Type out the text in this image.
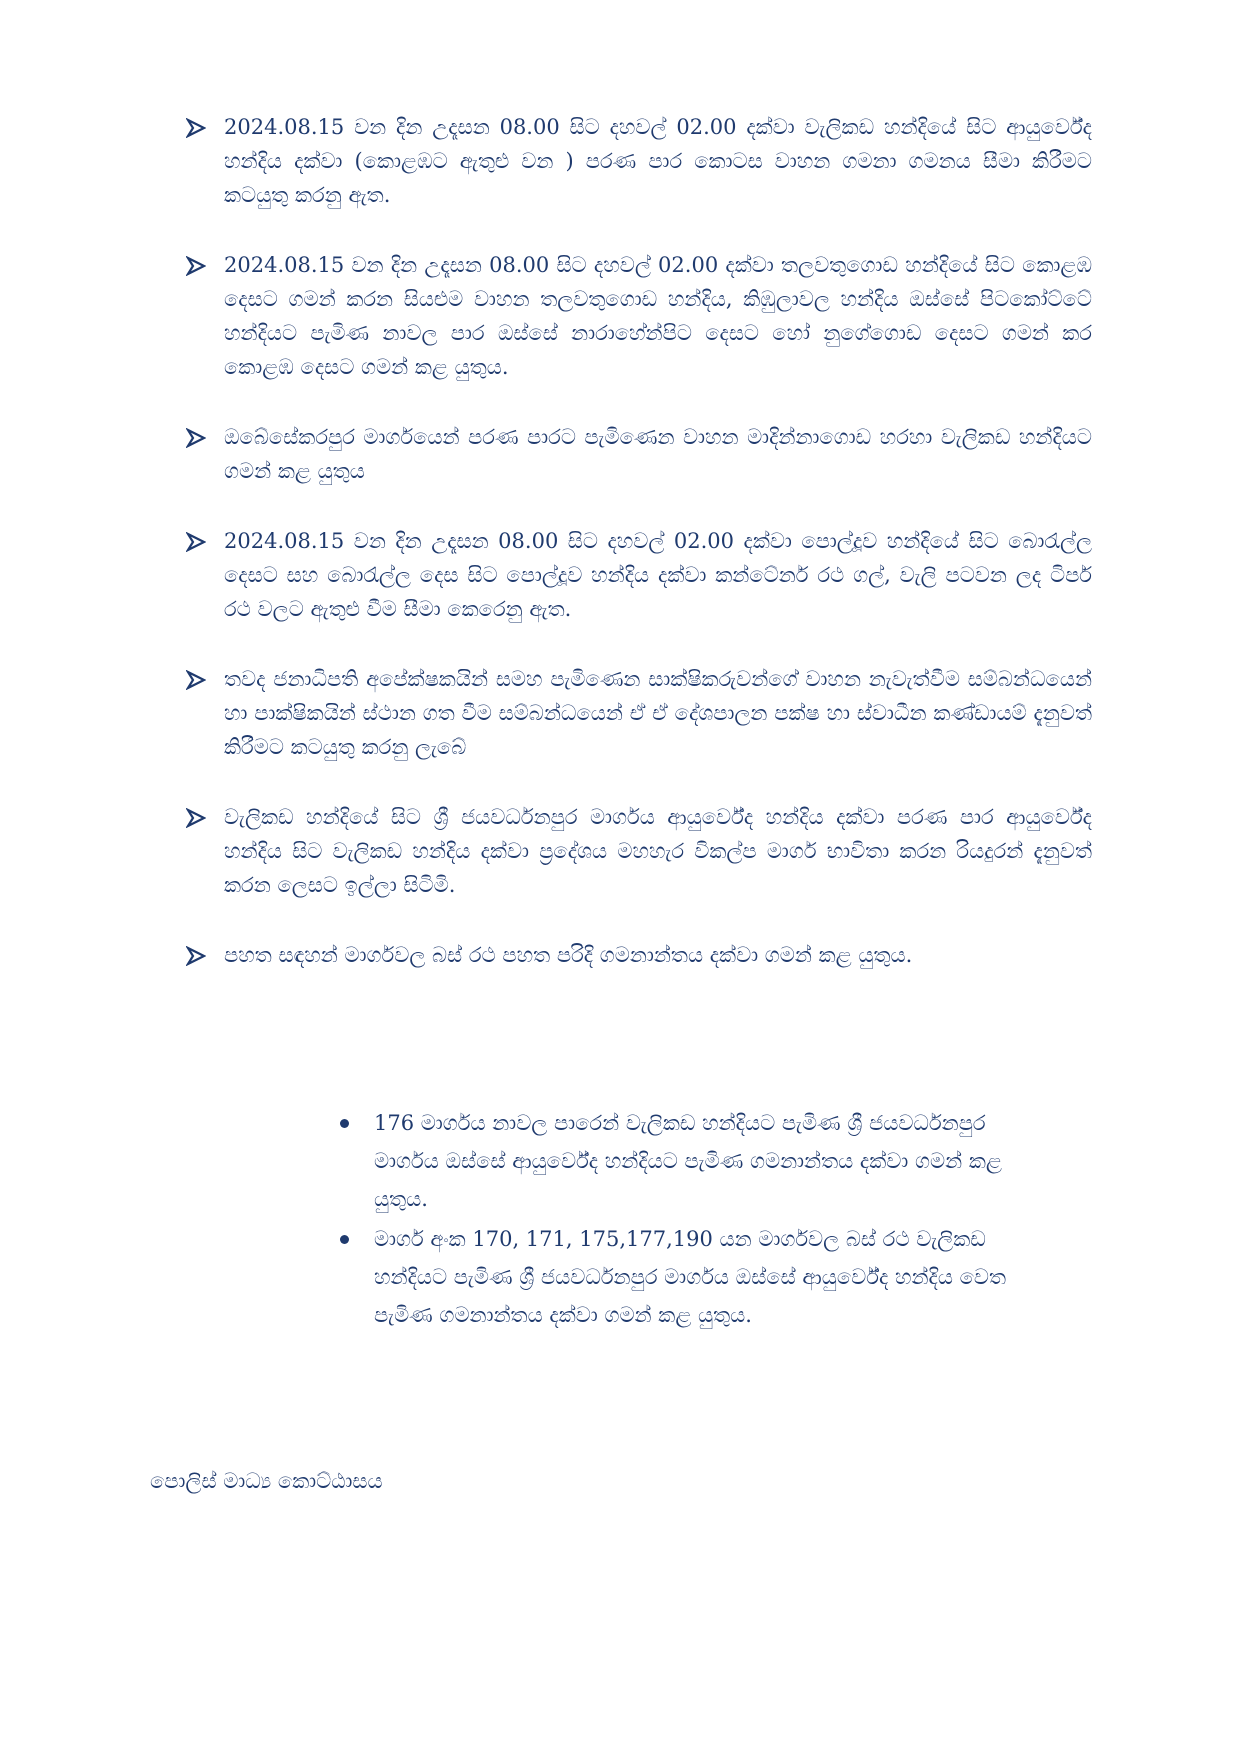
2024.08.15 වන දින උදෑසන 08.00 සිට දහවල් 02.00 දක්වා වැලිකඩ හන්දියේ සිට ආයුර්වේද හන්දිය දක්වා (කොළඹට ඇතුළු වන ) පරණ පාර කොටස වාහන ගමනා ගමනය සීමා කිරීමට කටයුතු කරනු ඇත.
2024.08.15 වන දින උදෑසන 08.00 සිට දහවල් 02.00 දක්වා තලවතුගොඩ හන්දියේ සිට කොළඹ දෙසට ගමන් කරන සියළුම වාහන තලවතුගොඩ හන්දිය, කිඹුලාවල හන්දිය ඔස්සේ පිටකෝට්ටේ හන්දියට පැමිණ නාවල පාර ඔස්සේ නාරාහේන්පිට දෙසට හෝ නුගේගොඩ දෙසට ගමන් කර කොළඹ දෙසට ගමන් කළ යුතුය.
ඔබේසේකරපුර මාර්ගයෙන් පරණ පාරට පැමිණෙන වාහන මාදින්නාගොඩ හරහා වැලිකඩ හන්දියට ගමන් කළ යුතුය
2024.08.15 වන දින උදෑසන 08.00 සිට දහවල් 02.00 දක්වා පොල්දූව හන්දියේ සිට බොරැල්ල දෙසට සහ බොරැල්ල දෙස සිට පොල්දූව හන්දිය දක්වා කන්ටේනර් රථ ගල්, වැලි පටවන ලද ටිපර් රථ වලට ඇතුළු වීම සීමා කෙරෙනු ඇත.
තවද ජනාධිපති අපේක්ෂකයින් සමහ පැමිණෙන සාක්ෂිකරුවන්ගේ වාහන නැවැත්වීම සම්බන්ධයෙන් හා පාක්ෂිකයින් ස්ථාන ගත වීම සම්බන්ධයෙන් ඒ ඒ දේශපාලන පක්ෂ හා ස්වාධීන කණ්ඩායම් දැනුවත් කිරීමට කටයුතු කරනු ලැබේ
වැලිකඩ හන්දියේ සිට ශ්‍රී ජයවර්ධනපුර මාර්ගය ආයුර්වේද හන්දිය දක්වා පරණ පාර ආයුර්වේද හන්දිය සිට වැලිකඩ හන්දිය දක්වා ප්‍රදේශය මහහැර විකල්ප මාර්ග භාවිතා කරන රියදුරන් දැනුවත් කරන ලෙසට ඉල්ලා සිටිමි.
පහත සඳහන් මාර්ගවල බස් රථ පහත පරිදි ගමනාන්තය දක්වා ගමන් කළ යුතුය.
176 මාර්ගය නාවල පාරෙන් වැලිකඩ හන්දියට පැමිණ ශ්‍රී ජයවර්ධනපුර මාර්ගය ඔස්සේ ආයුර්වේද හන්දියට පැමිණ ගමනාන්තය දක්වා ගමන් කළ යුතුය.
මාර්ග අංක 170, 171, 175,177,190 යන මාර්ගවල බස් රථ වැලිකඩ හන්දියට පැමිණ ශ්‍රී ජයවර්ධනපුර මාර්ගය ඔස්සේ ආයුර්වේද හන්දිය වෙත පැමිණ ගමනාන්තය දක්වා ගමන් කළ යුතුය.
පොලිස් මාධ්‍ය කොට්ඨාසය
